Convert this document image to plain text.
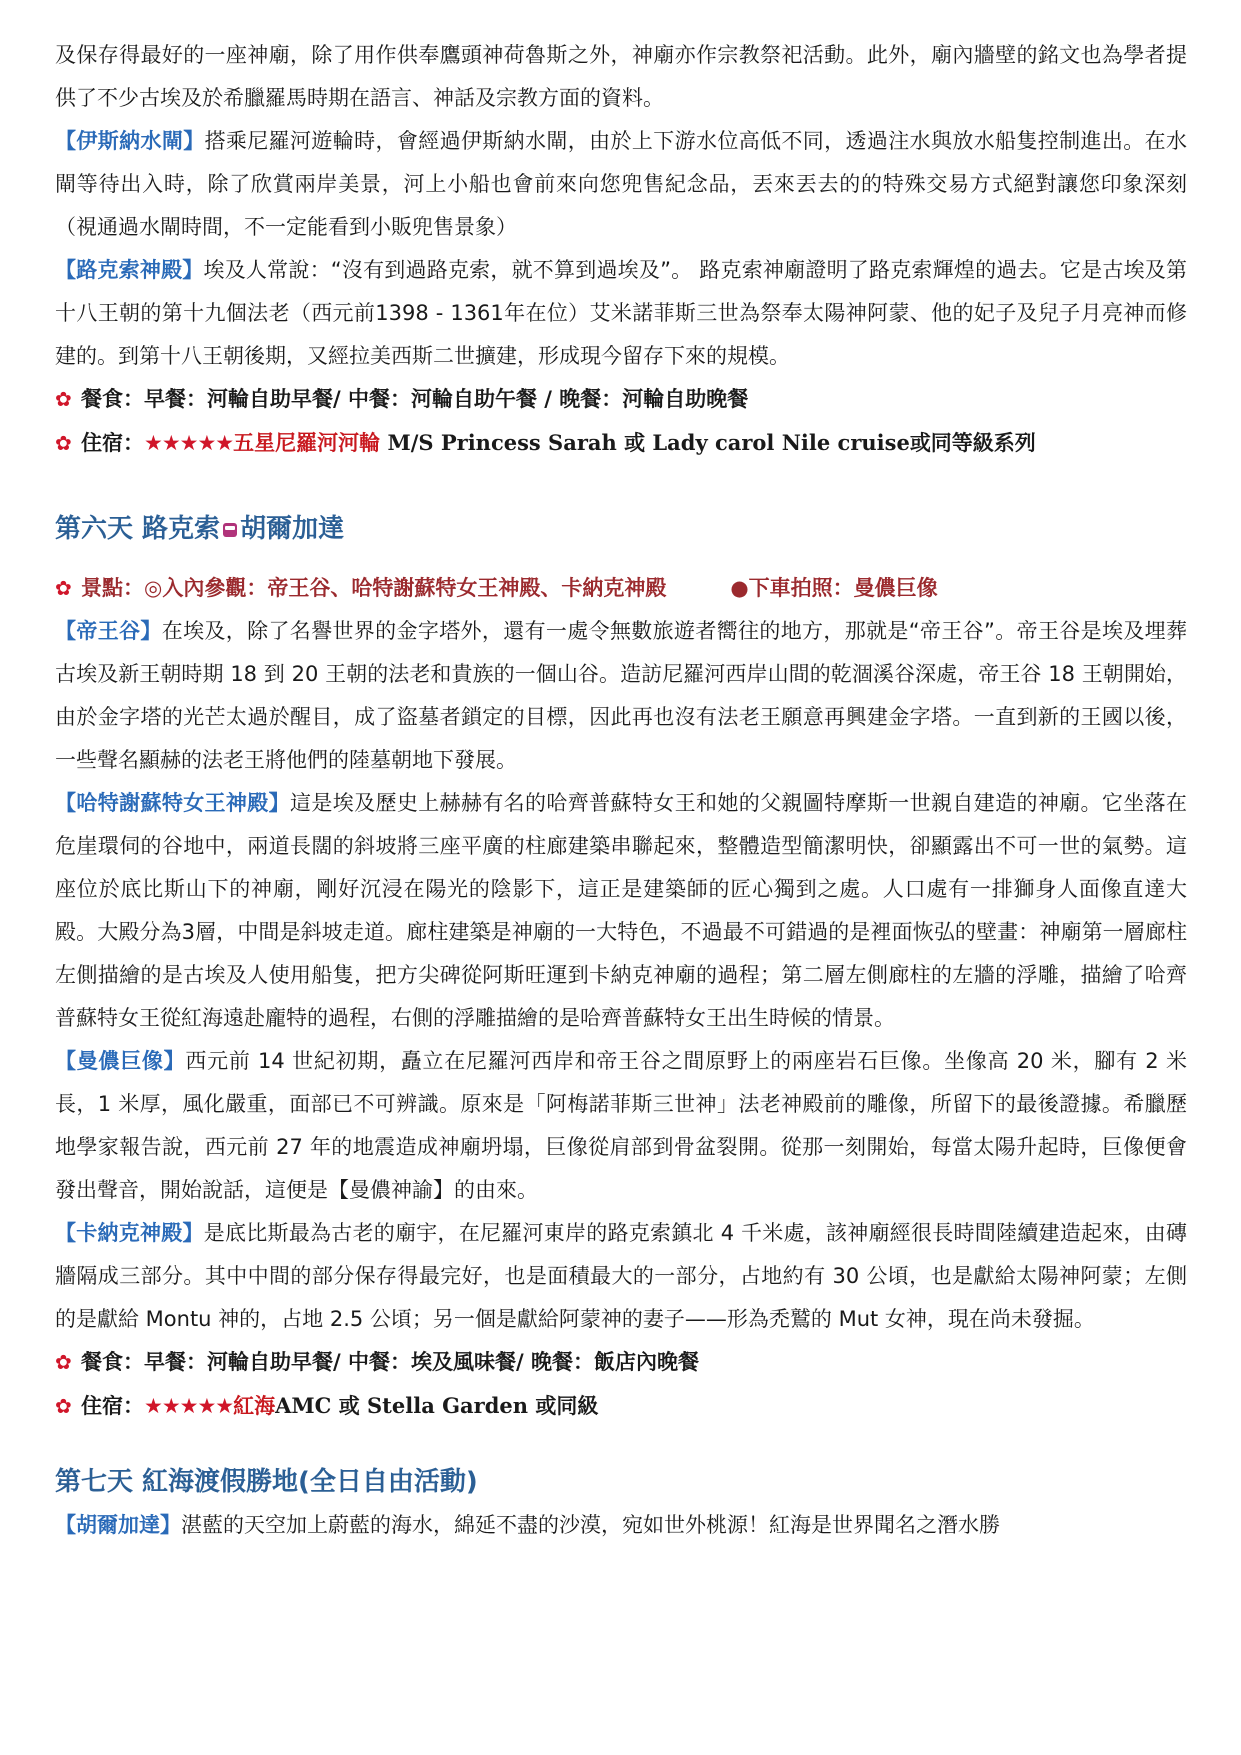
及保存得最好的一座神廟，除了用作供奉鷹頭神荷魯斯之外，神廟亦作宗教祭祀活動。此外，廟內牆壁的銘文也為學者提供了不少古埃及於希臘羅馬時期在語言、神話及宗教方面的資料。

【伊斯納水閘】搭乘尼羅河遊輪時，會經過伊斯納水閘，由於上下游水位高低不同，透過注水與放水船隻控制進出。在水閘等待出入時，除了欣賞兩岸美景，河上小船也會前來向您兜售紀念品，丟來丟去的的特殊交易方式絕對讓您印象深刻（視通過水閘時間，不一定能看到小販兜售景象）

【路克索神殿】埃及人常說：“沒有到過路克索，就不算到過埃及”。 路克索神廟證明了路克索輝煌的過去。它是古埃及第十八王朝的第十九個法老（西元前1398 - 1361年在位）艾米諾菲斯三世為祭奉太陽神阿蒙、他的妃子及兒子月亮神而修建的。到第十八王朝後期，又經拉美西斯二世擴建，形成現今留存下來的規模。

✿ 餐食：早餐：河輪自助早餐/ 中餐：河輪自助午餐 / 晚餐：河輪自助晚餐

✿ 住宿：★★★★★五星尼羅河河輪 M/S Princess Sarah 或 Lady carol Nile cruise或同等級系列

第六天 路克索 胡爾加達

✿ 景點：◎入內參觀：帝王谷、哈特謝蘇特女王神殿、卡納克神殿	●下車拍照：曼儂巨像

【帝王谷】在埃及，除了名譽世界的金字塔外，還有一處令無數旅遊者嚮往的地方，那就是“帝王谷”。帝王谷是埃及埋葬古埃及新王朝時期 18 到 20 王朝的法老和貴族的一個山谷。造訪尼羅河西岸山間的乾涸溪谷深處，帝王谷 18 王朝開始，由於金字塔的光芒太過於醒目，成了盜墓者鎖定的目標，因此再也沒有法老王願意再興建金字塔。一直到新的王國以後，一些聲名顯赫的法老王將他們的陸墓朝地下發展。

【哈特謝蘇特女王神殿】這是埃及歷史上赫赫有名的哈齊普蘇特女王和她的父親圖特摩斯一世親自建造的神廟。它坐落在危崖環伺的谷地中，兩道長闊的斜坡將三座平廣的柱廊建築串聯起來，整體造型簡潔明快，卻顯露出不可一世的氣勢。這座位於底比斯山下的神廟，剛好沉浸在陽光的陰影下，這正是建築師的匠心獨到之處。人口處有一排獅身人面像直達大殿。大殿分為3層，中間是斜坡走道。廊柱建築是神廟的一大特色，不過最不可錯過的是裡面恢弘的壁畫：神廟第一層廊柱左側描繪的是古埃及人使用船隻，把方尖碑從阿斯旺運到卡納克神廟的過程；第二層左側廊柱的左牆的浮雕，描繪了哈齊普蘇特女王從紅海遠赴龐特的過程，右側的浮雕描繪的是哈齊普蘇特女王出生時候的情景。

【曼儂巨像】西元前 14 世紀初期，矗立在尼羅河西岸和帝王谷之間原野上的兩座岩石巨像。坐像高 20 米，腳有 2 米長，1 米厚，風化嚴重，面部已不可辨識。原來是「阿梅諾菲斯三世神」法老神殿前的雕像，所留下的最後證據。希臘歷地學家報告說，西元前 27 年的地震造成神廟坍塌，巨像從肩部到骨盆裂開。從那一刻開始，每當太陽升起時，巨像便會發出聲音，開始說話，這便是【曼儂神諭】的由來。

【卡納克神殿】是底比斯最為古老的廟宇，在尼羅河東岸的路克索鎮北 4 千米處，該神廟經很長時間陸續建造起來，由磚牆隔成三部分。其中中間的部分保存得最完好，也是面積最大的一部分，占地約有 30 公頃，也是獻給太陽神阿蒙；左側的是獻給 Montu 神的，占地 2.5 公頃；另一個是獻給阿蒙神的妻子——形為禿鷲的 Mut 女神，現在尚未發掘。

✿ 餐食：早餐：河輪自助早餐/ 中餐：埃及風味餐/ 晚餐：飯店內晚餐

✿ 住宿：★★★★★紅海AMC 或 Stella Garden 或同級

第七天 紅海渡假勝地(全日自由活動)

【胡爾加達】湛藍的天空加上蔚藍的海水，綿延不盡的沙漠，宛如世外桃源！紅海是世界聞名之潛水勝
